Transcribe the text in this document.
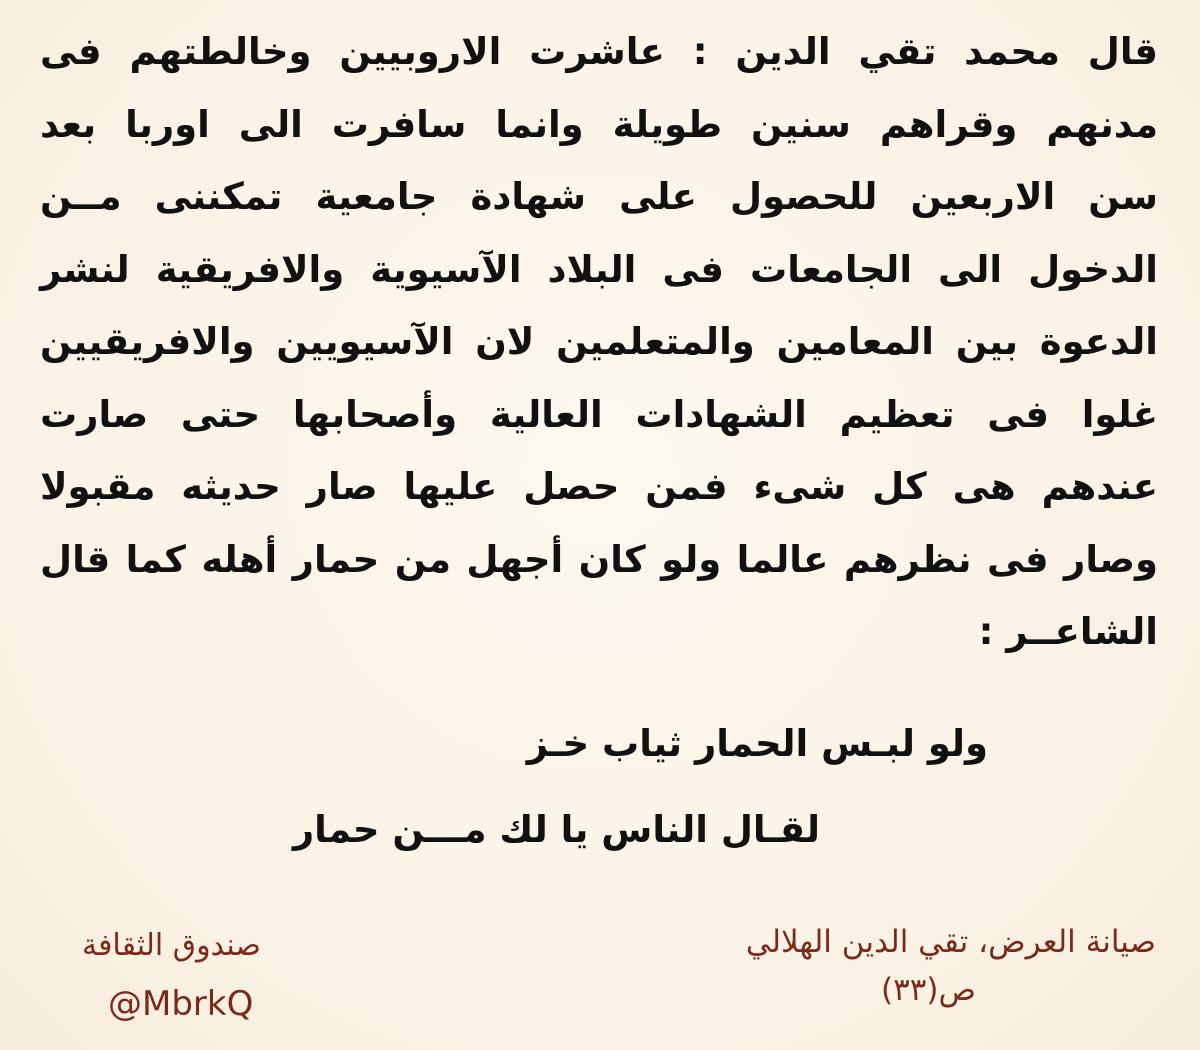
قال محمد تقي الدين : عاشرت الاروبيين وخالطتهم فى
مدنهم وقراهم سنين طويلة وانما سافرت الى اوربا بعد
سن الاربعين للحصول على شهادة جامعية تمكننى مــن
الدخول الى الجامعات فى البلاد الآسيوية والافريقية لنشر
الدعوة بين المعامين والمتعلمين لان الآسيويين والافريقيين
غلوا فى تعظيم الشهادات العالية وأصحابها حتى صارت
عندهم هى كل شىء فمن حصل عليها صار حديثه مقبولا
وصار فى نظرهم عالما ولو كان أجهل من حمار أهله كما قال
الشاعــر :
ولو لبـس الحمار ثياب خـز
لقـال الناس يا لك مـــن حمار
صيانة العرض، تقي الدين الهلالي
ص(٣٣)
صندوق الثقافة
@MbrkQ
